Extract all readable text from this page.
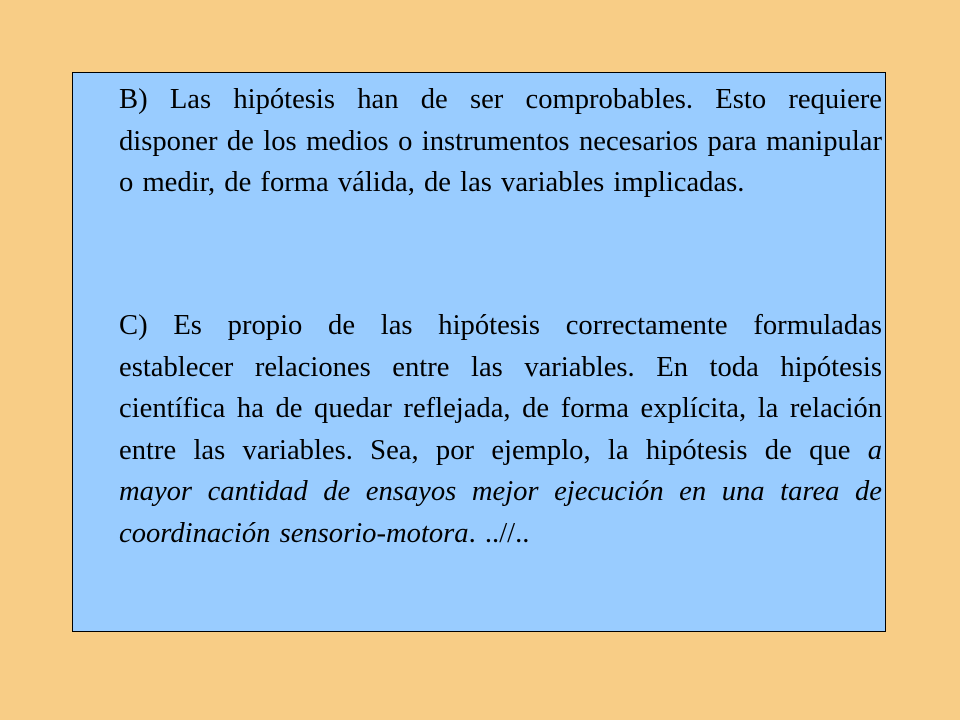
B) Las hipótesis han de ser comprobables. Esto requiere disponer de los medios o instrumentos necesarios para manipular o medir, de forma válida, de las variables implicadas.

C) Es propio de las hipótesis correctamente formuladas establecer relaciones entre las variables. En toda hipótesis científica ha de quedar reflejada, de forma explícita, la relación entre las variables. Sea, por ejemplo, la hipótesis de que a mayor cantidad de ensayos mejor ejecución en una tarea de coordinación sensorio-motora. ..//..
